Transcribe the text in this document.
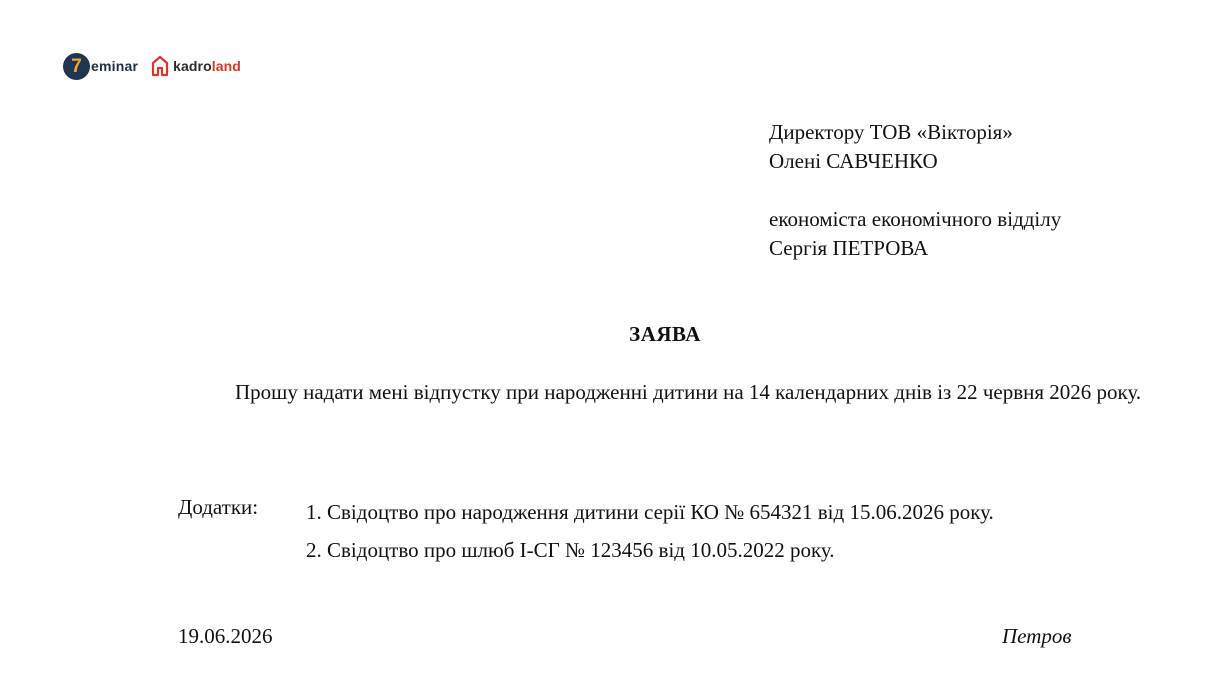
7 eminar	kadroland
Директору ТОВ «Вікторія»
Олені САВЧЕНКО
економіста економічного відділу
Сергія ПЕТРОВА
ЗАЯВА
Прошу надати мені відпустку при народженні дитини на 14 календарних днів із 22 червня 2026 року.
Додатки: 1. Свідоцтво про народження дитини серії КО № 654321 від 15.06.2026 року.
2. Свідоцтво про шлюб І-СГ № 123456 від 10.05.2022 року.
19.06.2026	Петров
